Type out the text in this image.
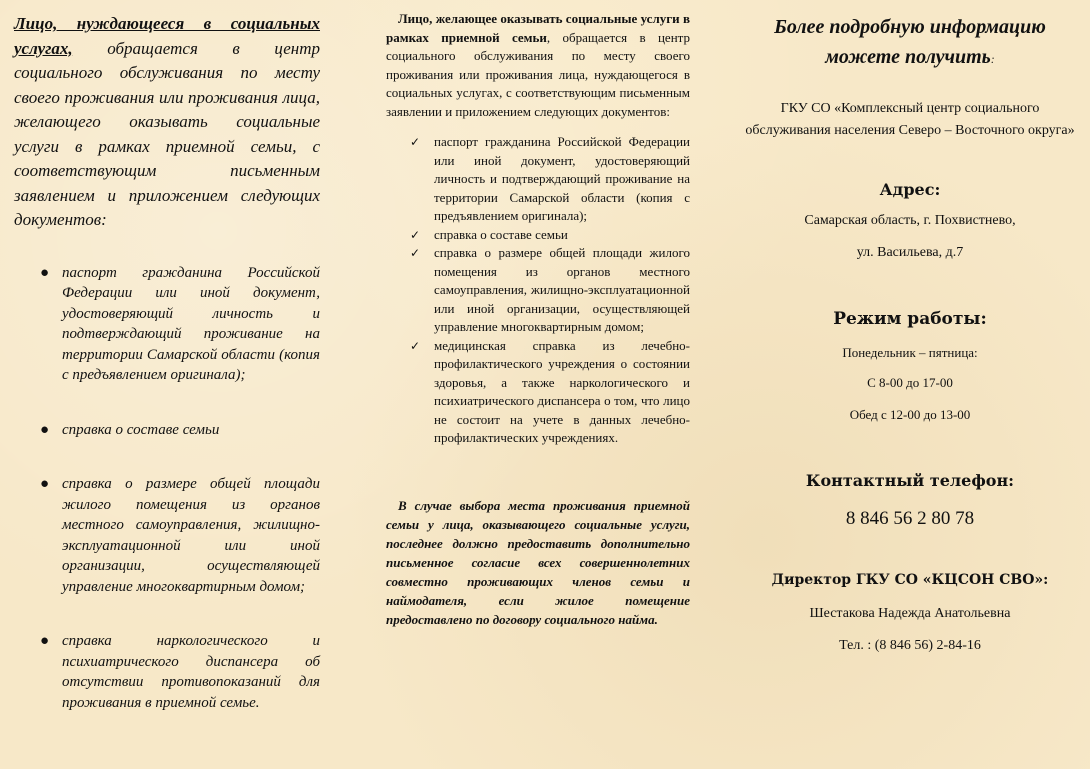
Лицо, нуждающееся в социальных услугах, обращается в центр социального обслуживания по месту своего проживания или проживания лица, желающего оказывать социальные услуги в рамках приемной семьи, с соответствующим письменным заявлением и приложением следующих документов:

● паспорт гражданина Российской Федерации или иной документ, удостоверяющий личность и подтверждающий проживание на территории Самарской области (копия с предъявлением оригинала);
● справка о составе семьи
● справка о размере общей площади жилого помещения из органов местного самоуправления, жилищно-эксплуатационной или иной организации, осуществляющей управление многоквартирным домом;
● справка наркологического и психиатрического диспансера об отсутствии противопоказаний для проживания в приемной семье.

Лицо, желающее оказывать социальные услуги в рамках приемной семьи, обращается в центр социального обслуживания по месту своего проживания или проживания лица, нуждающегося в социальных услугах, с соответствующим письменным заявлении и приложением следующих документов:

✓ паспорт гражданина Российской Федерации или иной документ, удостоверяющий личность и подтверждающий проживание на территории Самарской области (копия с предъявлением оригинала);
✓ справка о составе семьи
✓ справка о размере общей площади жилого помещения из органов местного самоуправления, жилищно-эксплуатационной или иной организации, осуществляющей управление многоквартирным домом;
✓ медицинская справка из лечебно-профилактического учреждения о состоянии здоровья, а также наркологического и психиатрического диспансера о том, что лицо не состоит на учете в данных лечебно-профилактических учреждениях.

В случае выбора места проживания приемной семьи у лица, оказывающего социальные услуги, последнее должно предоставить дополнительно письменное согласие всех совершеннолетних совместно проживающих членов семьи и наймодателя, если жилое помещение предоставлено по договору социального найма.

Более подробную информацию можете получить:

ГКУ СО «Комплексный центр социального обслуживания населения Северо – Восточного округа»

Адрес:

Самарская область, г. Похвистнево,

ул. Васильева, д.7

Режим работы:

Понедельник – пятница:

С 8-00 до 17-00

Обед с 12-00 до 13-00

Контактный телефон:

8 846 56 2 80 78

Директор ГКУ СО «КЦСОН СВО»:

Шестакова Надежда Анатольевна

Тел. : (8 846 56) 2-84-16
